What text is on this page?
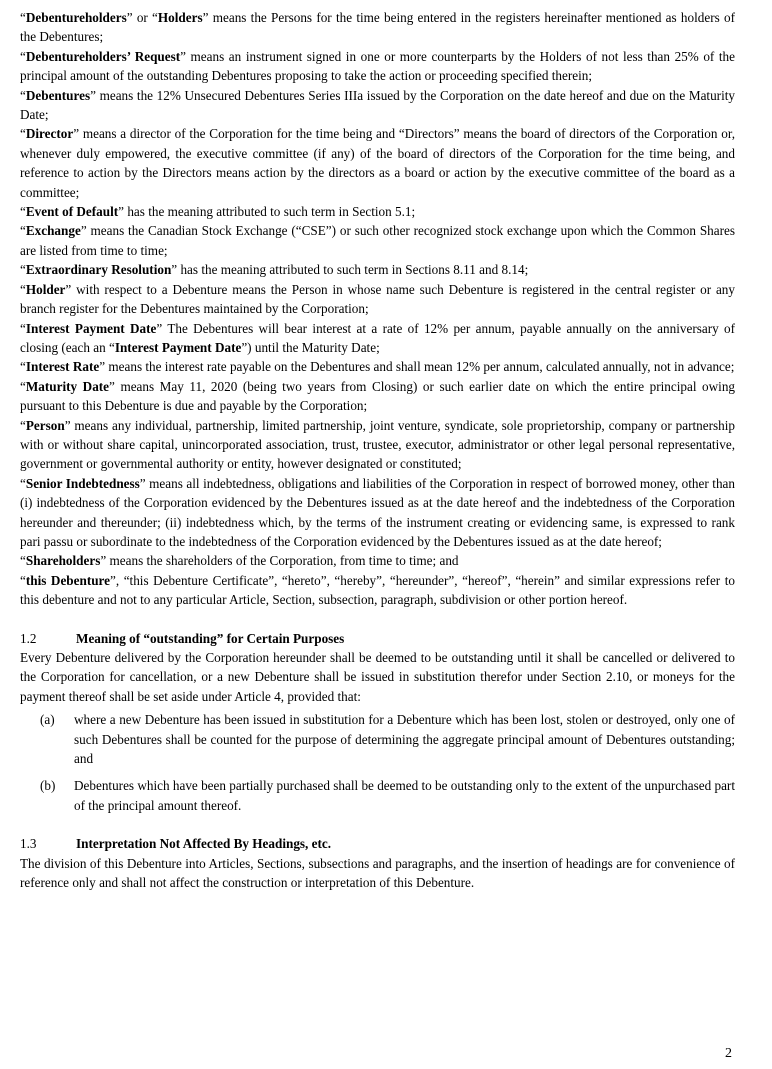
“Debentureholders” or “Holders” means the Persons for the time being entered in the registers hereinafter mentioned as holders of the Debentures;

“Debentureholders’ Request” means an instrument signed in one or more counterparts by the Holders of not less than 25% of the principal amount of the outstanding Debentures proposing to take the action or proceeding specified therein;

“Debentures” means the 12% Unsecured Debentures Series IIIa issued by the Corporation on the date hereof and due on the Maturity Date;

“Director” means a director of the Corporation for the time being and “Directors” means the board of directors of the Corporation or, whenever duly empowered, the executive committee (if any) of the board of directors of the Corporation for the time being, and reference to action by the Directors means action by the directors as a board or action by the executive committee of the board as a committee;

“Event of Default” has the meaning attributed to such term in Section 5.1;

“Exchange” means the Canadian Stock Exchange (“CSE”) or such other recognized stock exchange upon which the Common Shares are listed from time to time;

“Extraordinary Resolution” has the meaning attributed to such term in Sections 8.11 and 8.14;

“Holder” with respect to a Debenture means the Person in whose name such Debenture is registered in the central register or any branch register for the Debentures maintained by the Corporation;

“Interest Payment Date” The Debentures will bear interest at a rate of 12% per annum, payable annually on the anniversary of closing (each an “Interest Payment Date”) until the Maturity Date;

“Interest Rate” means the interest rate payable on the Debentures and shall mean 12% per annum, calculated annually, not in advance;

“Maturity Date” means May 11, 2020 (being two years from Closing) or such earlier date on which the entire principal owing pursuant to this Debenture is due and payable by the Corporation;

“Person” means any individual, partnership, limited partnership, joint venture, syndicate, sole proprietorship, company or partnership with or without share capital, unincorporated association, trust, trustee, executor, administrator or other legal personal representative, government or governmental authority or entity, however designated or constituted;

“Senior Indebtedness” means all indebtedness, obligations and liabilities of the Corporation in respect of borrowed money, other than (i) indebtedness of the Corporation evidenced by the Debentures issued as at the date hereof and the indebtedness of the Corporation hereunder and thereunder; (ii) indebtedness which, by the terms of the instrument creating or evidencing same, is expressed to rank pari passu or subordinate to the indebtedness of the Corporation evidenced by the Debentures issued as at the date hereof;

“Shareholders” means the shareholders of the Corporation, from time to time; and

“this Debenture”, “this Debenture Certificate”, “hereto”, “hereby”, “hereunder”, “hereof”, “herein” and similar expressions refer to this debenture and not to any particular Article, Section, subsection, paragraph, subdivision or other portion hereof.

1.2	Meaning of “outstanding” for Certain Purposes

Every Debenture delivered by the Corporation hereunder shall be deemed to be outstanding until it shall be cancelled or delivered to the Corporation for cancellation, or a new Debenture shall be issued in substitution therefor under Section 2.10, or moneys for the payment thereof shall be set aside under Article 4, provided that:

(a)	where a new Debenture has been issued in substitution for a Debenture which has been lost, stolen or destroyed, only one of such Debentures shall be counted for the purpose of determining the aggregate principal amount of Debentures outstanding; and
(b)	Debentures which have been partially purchased shall be deemed to be outstanding only to the extent of the unpurchased part of the principal amount thereof.
1.3	Interpretation Not Affected By Headings, etc.

The division of this Debenture into Articles, Sections, subsections and paragraphs, and the insertion of headings are for convenience of reference only and shall not affect the construction or interpretation of this Debenture.

2
